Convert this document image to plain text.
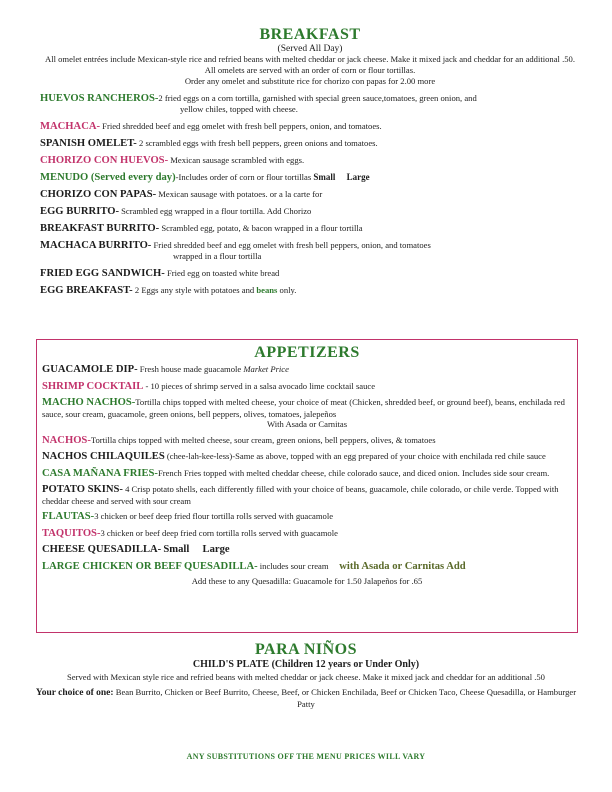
BREAKFAST
(Served All Day)
All omelet entrées include Mexican-style rice and refried beans with melted cheddar or jack cheese. Make it mixed jack and cheddar for an additional .50. All omelets are served with an order of corn or flour tortillas.
Order any omelet and substitute rice for chorizo con papas for 2.00 more
HUEVOS RANCHEROS-2 fried eggs on a corn tortilla, garnished with special green sauce,tomatoes, green onion, and
yellow chiles, topped with cheese.
MACHACA- Fried shredded beef and egg omelet with fresh bell peppers, onion, and tomatoes.
SPANISH OMELET- 2 scrambled eggs with fresh bell peppers, green onions and tomatoes.
CHORIZO CON HUEVOS- Mexican sausage scrambled with eggs.
MENUDO (Served every day)-Includes order of corn or flour tortillas Small     Large
CHORIZO CON PAPAS- Mexican sausage with potatoes. or a la carte for
EGG BURRITO- Scrambled egg wrapped in a flour tortilla. Add Chorizo
BREAKFAST BURRITO- Scrambled egg, potato, & bacon wrapped in a flour tortilla
MACHACA BURRITO- Fried shredded beef and egg omelet with fresh bell peppers, onion, and tomatoes
wrapped in a flour tortilla
FRIED EGG SANDWICH- Fried egg on toasted white bread
EGG BREAKFAST- 2 Eggs any style with potatoes and beans only.
APPETIZERS
GUACAMOLE DIP- Fresh house made guacamole Market Price
SHRIMP COCKTAIL - 10 pieces of shrimp served in a salsa avocado lime cocktail sauce
MACHO NACHOS-Tortilla chips topped with melted cheese, your choice of meat (Chicken, shredded beef, or ground beef), beans, enchilada red sauce, sour cream, guacamole, green onions, bell peppers, olives, tomatoes, jalepeños
With Asada or Carnitas
NACHOS-Tortilla chips topped with melted cheese, sour cream, green onions, bell peppers, olives, & tomatoes
NACHOS CHILAQUILES (chee-lah-kee-less)-Same as above, topped with an egg prepared of your choice with enchilada red chile sauce
CASA MAÑANA FRIES-French Fries topped with melted cheddar cheese, chile colorado sauce, and diced onion. Includes side sour cream.
POTATO SKINS- 4 Crisp potato shells, each differently filled with your choice of beans, guacamole, chile colorado, or chile verde. Topped with cheddar cheese and served with sour cream
FLAUTAS-3 chicken or beef deep fried flour tortilla rolls served with guacamole
TAQUITOS-3 chicken or beef deep fried corn tortilla rolls served with guacamole
CHEESE QUESADILLA- Small     Large
LARGE CHICKEN OR BEEF QUESADILLA- includes sour cream     with Asada or Carnitas Add
Add these to any Quesadilla: Guacamole for 1.50 Jalapeños for .65
PARA NIÑOS
CHILD'S PLATE (Children 12 years or Under Only)
Served with Mexican style rice and refried beans with melted cheddar or jack cheese. Make it mixed jack and cheddar for an additional .50
Your choice of one: Bean Burrito, Chicken or Beef Burrito, Cheese, Beef, or Chicken Enchilada, Beef or Chicken Taco, Cheese Quesadilla, or Hamburger Patty
ANY SUBSTITUTIONS OFF THE MENU PRICES WILL VARY
